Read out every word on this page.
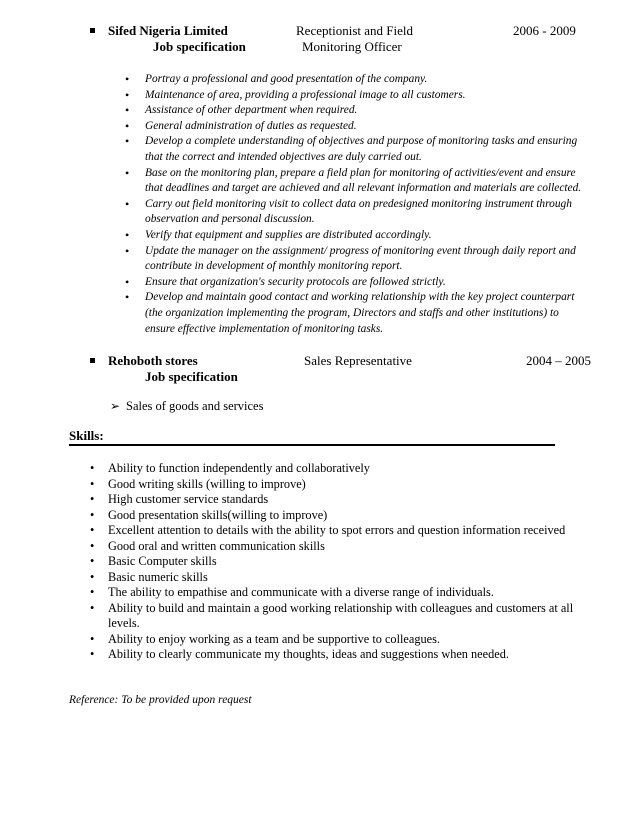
Sifed Nigeria Limited
Job specification
Receptionist and Field
Monitoring Officer
2006 - 2009
• Portray a professional and good presentation of the company.
• Maintenance of area, providing a professional image to all customers.
• Assistance of other department when required.
• General administration of duties as requested.
• Develop a complete understanding of objectives and purpose of monitoring tasks and ensuring that the correct and intended objectives are duly carried out.
• Base on the monitoring plan, prepare a field plan for monitoring of activities/event and ensure that deadlines and target are achieved and all relevant information and materials are collected.
• Carry out field monitoring visit to collect data on predesigned monitoring instrument through observation and personal discussion.
• Verify that equipment and supplies are distributed accordingly.
• Update the manager on the assignment/ progress of monitoring event through daily report and contribute in development of monthly monitoring report.
• Ensure that organization's security protocols are followed strictly.
• Develop and maintain good contact and working relationship with the key project counterpart (the organization implementing the program, Directors and staffs and other institutions) to ensure effective implementation of monitoring tasks.
Rehoboth stores
Job specification
Sales Representative	2004 – 2005
➢ Sales of goods and services
Skills:
• Ability to function independently and collaboratively
• Good writing skills (willing to improve)
• High customer service standards
• Good presentation skills(willing to improve)
• Excellent attention to details with the ability to spot errors and question information received
• Good oral and written communication skills
• Basic Computer skills
• Basic numeric skills
• The ability to empathise and communicate with a diverse range of individuals.
• Ability to build and maintain a good working relationship with colleagues and customers at all levels.
• Ability to enjoy working as a team and be supportive to colleagues.
• Ability to clearly communicate my thoughts, ideas and suggestions when needed.
Reference: To be provided upon request
